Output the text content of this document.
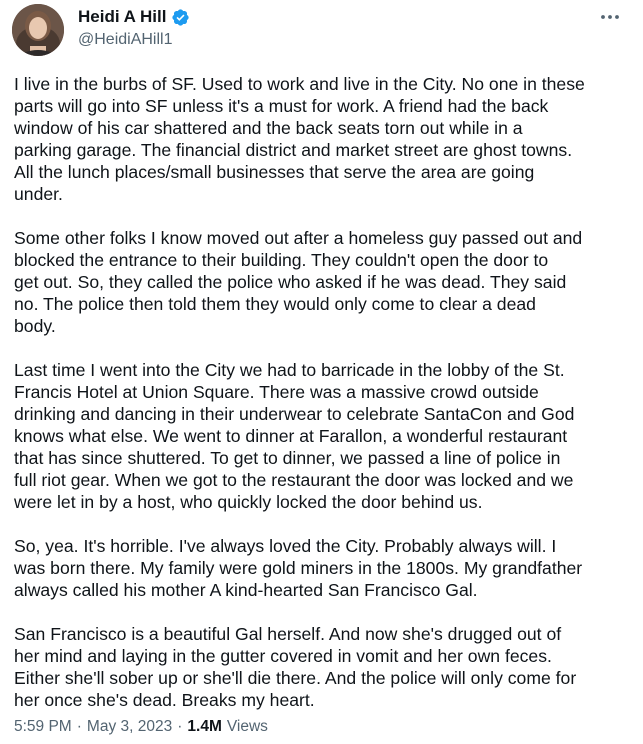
Heidi A Hill
@HeidiAHill1

I live in the burbs of SF. Used to work and live in the City. No one in these
parts will go into SF unless it's a must for work. A friend had the back
window of his car shattered and the back seats torn out while in a
parking garage. The financial district and market street are ghost towns.
All the lunch places/small businesses that serve the area are going
under.

Some other folks I know moved out after a homeless guy passed out and
blocked the entrance to their building. They couldn't open the door to
get out. So, they called the police who asked if he was dead. They said
no. The police then told them they would only come to clear a dead
body.

Last time I went into the City we had to barricade in the lobby of the St.
Francis Hotel at Union Square. There was a massive crowd outside
drinking and dancing in their underwear to celebrate SantaCon and God
knows what else. We went to dinner at Farallon, a wonderful restaurant
that has since shuttered. To get to dinner, we passed a line of police in
full riot gear. When we got to the restaurant the door was locked and we
were let in by a host, who quickly locked the door behind us.

So, yea. It's horrible. I've always loved the City. Probably always will. I
was born there. My family were gold miners in the 1800s. My grandfather
always called his mother A kind-hearted San Francisco Gal.

San Francisco is a beautiful Gal herself. And now she's drugged out of
her mind and laying in the gutter covered in vomit and her own feces.
Either she'll sober up or she'll die there. And the police will only come for
her once she's dead. Breaks my heart.

5:59 PM · May 3, 2023 · 1.4M Views
